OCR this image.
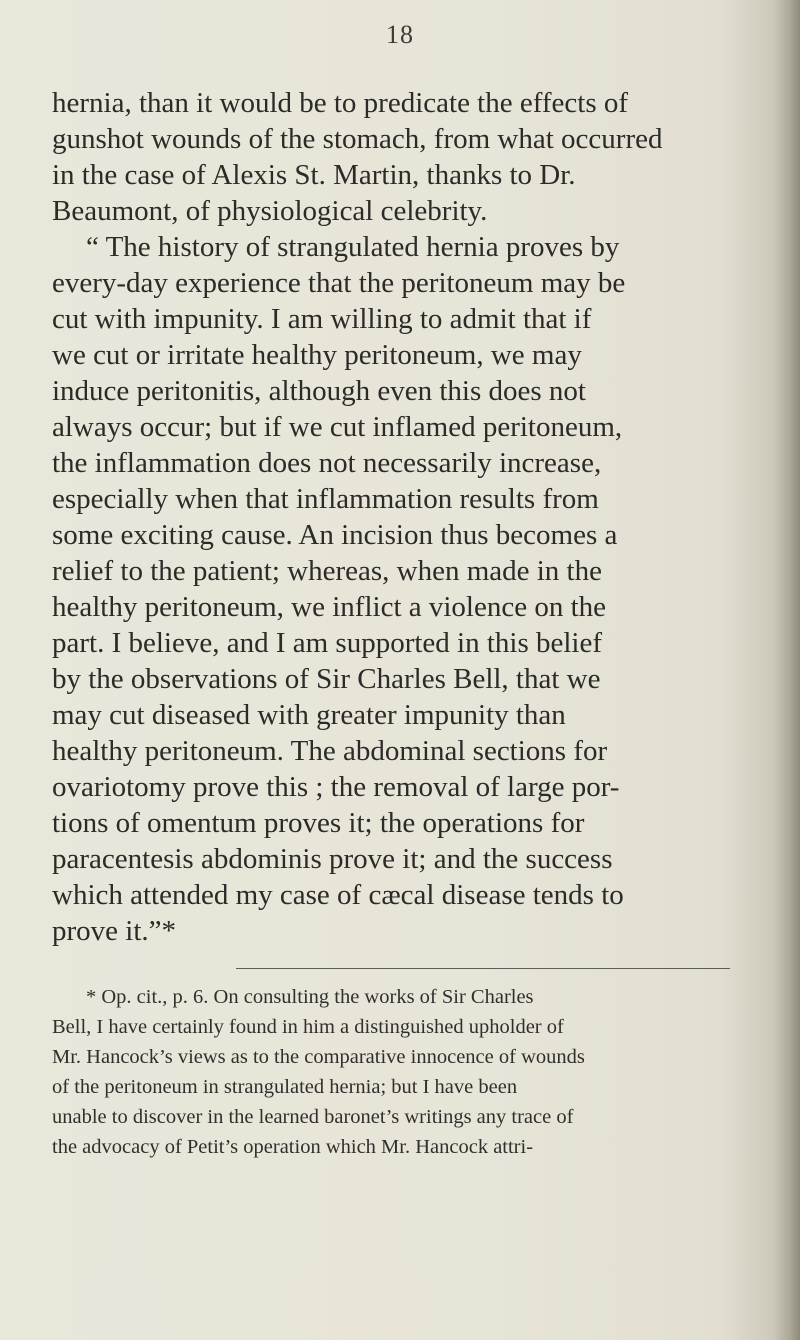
18
hernia, than it would be to predicate the effects of
gunshot wounds of the stomach, from what occurred
in the case of Alexis St. Martin, thanks to Dr.
Beaumont, of physiological celebrity.
“ The history of strangulated hernia proves by
every-day experience that the peritoneum may be
cut with impunity. I am willing to admit that if
we cut or irritate healthy peritoneum, we may
induce peritonitis, although even this does not
always occur; but if we cut inflamed peritoneum,
the inflammation does not necessarily increase,
especially when that inflammation results from
some exciting cause. An incision thus becomes a
relief to the patient; whereas, when made in the
healthy peritoneum, we inflict a violence on the
part. I believe, and I am supported in this belief
by the observations of Sir Charles Bell, that we
may cut diseased with greater impunity than
healthy peritoneum. The abdominal sections for
ovariotomy prove this ; the removal of large por-
tions of omentum proves it; the operations for
paracentesis abdominis prove it; and the success
which attended my case of cæcal disease tends to
prove it.”*
* Op. cit., p. 6. On consulting the works of Sir Charles
Bell, I have certainly found in him a distinguished upholder of
Mr. Hancock’s views as to the comparative innocence of wounds
of the peritoneum in strangulated hernia; but I have been
unable to discover in the learned baronet’s writings any trace of
the advocacy of Petit’s operation which Mr. Hancock attri-
